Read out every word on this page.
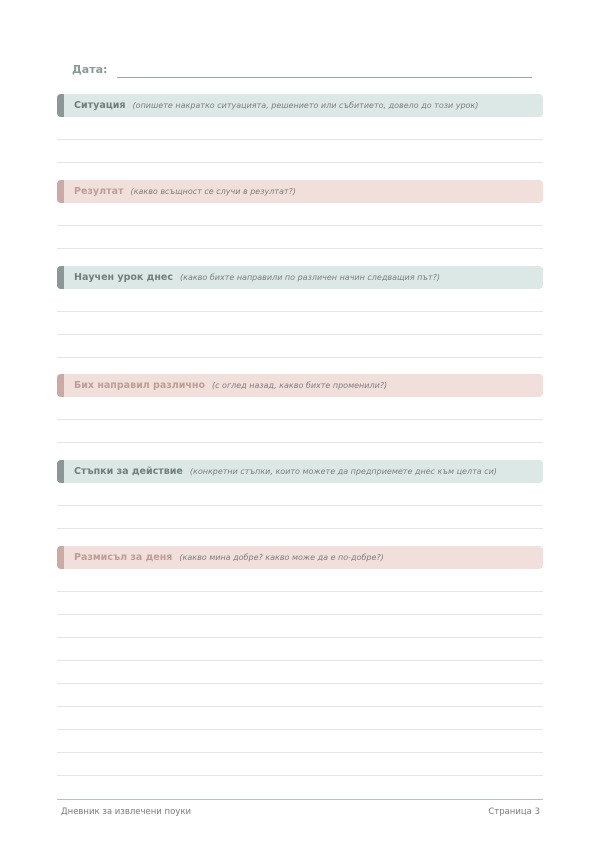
Дата:
Ситуация (опишете накратко ситуацията, решението или събитието, довело до този урок)
Резултат (какво всъщност се случи в резултат?)
Научен урок днес (какво бихте направили по различен начин следващия път?)
Бих направил различно (с оглед назад, какво бихте променили?)
Стъпки за действие (конкретни стъпки, които можете да предприемете днес към целта си)
Размисъл за деня (какво мина добре? какво може да е по-добре?)
Дневник за извлечени поуки	Страница 3
